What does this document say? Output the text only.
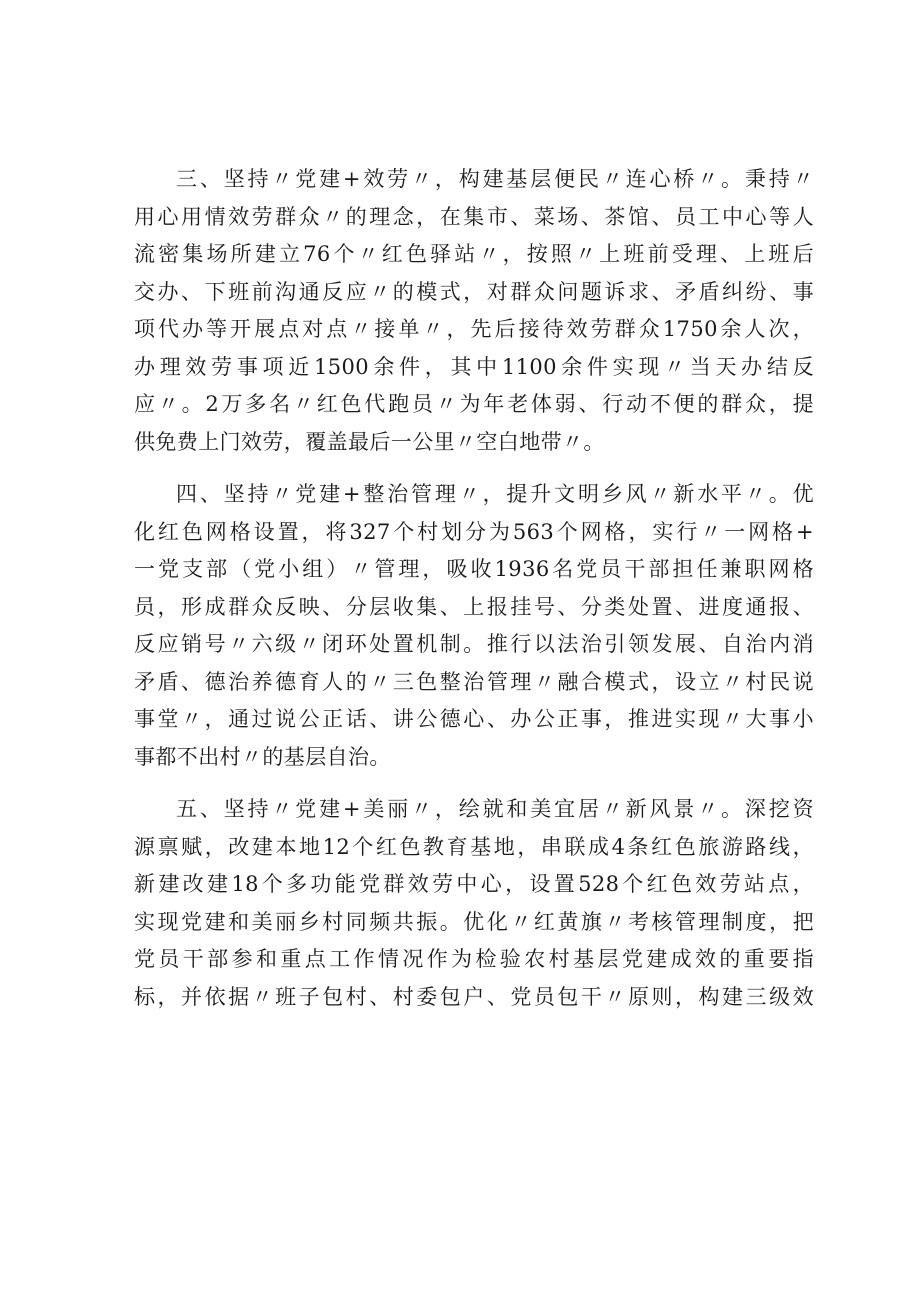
三、坚持〃党建+效劳〃，构建基层便民〃连心桥〃。秉持〃
用心用情效劳群众〃的理念，在集市、菜场、茶馆、员工中心等人
流密集场所建立76个〃红色驿站〃，按照〃上班前受理、上班后
交办、下班前沟通反应〃的模式，对群众问题诉求、矛盾纠纷、事
项代办等开展点对点〃接单〃，先后接待效劳群众1750余人次，
办理效劳事项近1500余件，其中1100余件实现〃当天办结反
应〃。2万多名〃红色代跑员〃为年老体弱、行动不便的群众，提
供免费上门效劳，覆盖最后一公里〃空白地带〃。
四、坚持〃党建+整治管理〃，提升文明乡风〃新水平〃。优
化红色网格设置，将327个村划分为563个网格，实行〃一网格+
一党支部（党小组）〃管理，吸收1936名党员干部担任兼职网格
员，形成群众反映、分层收集、上报挂号、分类处置、进度通报、
反应销号〃六级〃闭环处置机制。推行以法治引领发展、自治内消
矛盾、德治养德育人的〃三色整治管理〃融合模式，设立〃村民说
事堂〃，通过说公正话、讲公德心、办公正事，推进实现〃大事小
事都不出村〃的基层自治。
五、坚持〃党建+美丽〃，绘就和美宜居〃新风景〃。深挖资
源禀赋，改建本地12个红色教育基地，串联成4条红色旅游路线，
新建改建18个多功能党群效劳中心，设置528个红色效劳站点，
实现党建和美丽乡村同频共振。优化〃红黄旗〃考核管理制度，把
党员干部参和重点工作情况作为检验农村基层党建成效的重要指
标，并依据〃班子包村、村委包户、党员包干〃原则，构建三级效
